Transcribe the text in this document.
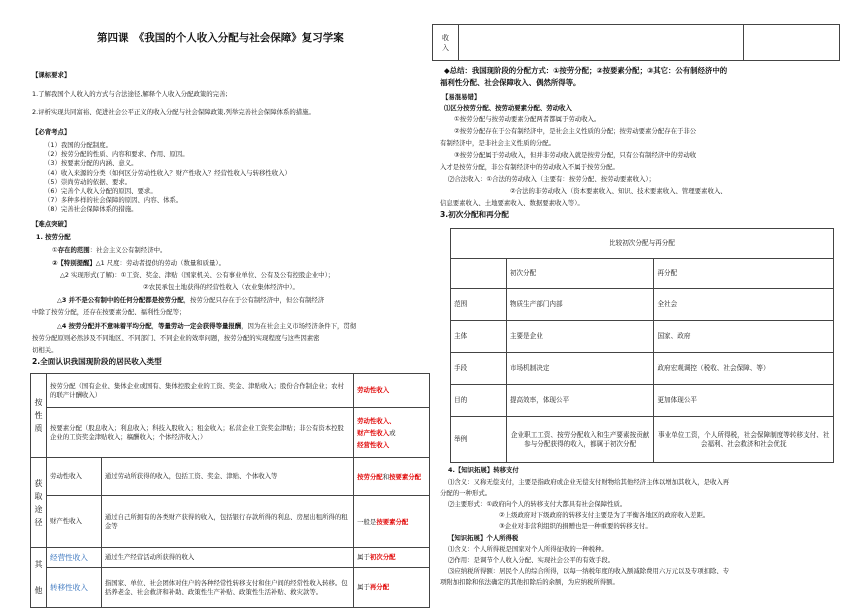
第四课　《我国的个人收入分配与社会保障》复习学案
【课标要求】
1.了解我国个人收入的方式与合法途径,解释个人收入分配政策的完善;
2.评析实现共同富裕、促进社会公平正义的收入分配与社会保障政策,列举完善社会保障体系的措施。
【必背考点】
（1）我国的分配制度。
（2）按劳分配的性质、内容和要求、作用、原因。
（3）按要素分配的内涵、意义。
（4）收入来源的分类（如何区分劳动性收入？财产性收入？经营性收入与转移性收入）
（5）崇尚劳动的依据、要求。
（6）完善个人收入分配的原因、要求。
（7）多种多样的社会保障的原因、内容、体系。
（8）完善社会保障体系的措施。
【难点突破】
1. 按劳分配
①存在的范围：社会主义公有制经济中。
②【特别提醒】△1 尺度：劳动者提供的劳动（数量和质量）。
△2 实现形式(了解)：①工资、奖金、津贴（国家机关、公有事业单位、公有及公有控股企业中）；
②农民承包土地获得的经营性收入（农业集体经济中）。
△3 并不是公有制中的任何分配都是按劳分配，按劳分配只存在于公有制经济中，但公有制经济
中除了按劳分配，还存在按要素分配、福利性分配等；
△4 按劳分配并不意味着平均分配，等量劳动一定会获得等量报酬，因为在社会主义市场经济条件下，贯彻
按劳分配原则必然涉及不同地区、不同部门、不同企业的效率问题，按劳分配的实现程度与这些因素密
切相关。
2.全面认识我国现阶段的居民收入类型
按
性
质	按劳分配（国有企业、集体企业或国有、集体控股企业的工资、奖金、津贴收入；股份合作制企业；农村的联产计酬收入）		劳动性收入
	按要素分配（股息收入；利息收入；科技入股收入；租金收入；私营企业工资奖金津贴；非公有资本控股企业的工资奖金津贴收入；稿酬收入；个体经济收入；）		劳动性收入、
财产性收入或
经营性收入
获
取
途
径	劳动性收入	通过劳动所获得的收入，包括工资、奖金、津贴、个体收入等	按劳分配和按要素分配
	财产性收入	通过自己所拥有的各类财产获得的收入，包括银行存款所得的利息、房屋出租所得的租金等	一般是按要素分配
其

他	经营性收入	通过生产经营活动所获得的收入	属于初次分配
	转移性收入	指国家、单位、社会团体对住户的各种经常性转移支付和住户间的经常性收入转移。包括养老金、社会救济和补助、政策性生产补贴、政策性生活补贴、救灾款等。	属于再分配
收
入		
◆总结：我国现阶段的分配方式：①按劳分配；②按要素分配；③其它：公有制经济中的
福利性分配、社会保障收入、偶然所得等。
【易混易错】
⑴区分按劳分配、按劳动要素分配、劳动收入
①按劳分配与按劳动要素分配两者都属于劳动收入。
②按劳分配存在于公有制经济中，是社会主义性质的分配；按劳动要素分配存在于非公
有制经济中，是非社会主义性质的分配。
③按劳分配属于劳动收入，但并非劳动收入就是按劳分配，只有公有制经济中的劳动收
入才是按劳分配，非公有制经济中的劳动收入不属于按劳分配。
⑵合法收入：①合法的劳动收入（主要有：按劳分配、按劳动要素收入）；
②合法的非劳动收入（资本要素收入、知识、技术要素收入、管理要素收入、
信息要素收入、土地要素收入、数据要素收入等）。
3.初次分配和再分配
比较初次分配与再分配		
	初次分配	再分配
范围	物质生产部门内部	全社会
主体	主要是企业	国家、政府
手段	市场机制决定	政府宏观调控（税收、社会保障、等）
目的	提高效率，体现公平	更加体现公平
举例	企业职工工资、按劳分配收入和生产要素按贡献参与分配获得的收入，都属于初次分配	事业单位工资，个人所得税，社会保障制度等转移支付、社会福利、社会救济和社会优抚
4.【知识拓展】转移支付
⑴含义：又称无偿支付，主要是指政府或企业无偿支付财物给其他经济主体以增加其收入，是收入再
分配的一种形式。
⑵主要形式：①政府向个人的转移支付大都具有社会保障性质。
②上级政府对下级政府的转移支付主要是为了平衡各地区的政府收入差距。
③企业对非营利组织的捐赠也是一种重要的转移支付。
【知识拓展】个人所得税
⑴含义：个人所得税是国家对个人所得征收的一种税种。
⑵作用：是调节个人收入分配、实现社会公平的有效手段。
⑶应纳税所得额：居民个人的综合所得，以每一纳税年度的收入额减除费用六万元以及专项扣除、专
项附加扣除和依法确定的其他扣除后的余额，为应纳税所得额。
